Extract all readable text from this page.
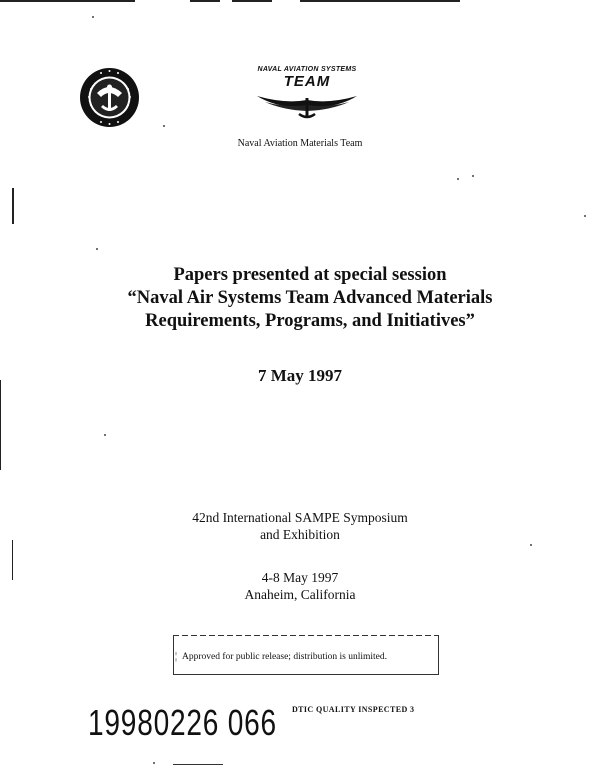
NAVAL AVIATION SYSTEMS
TEAM
Naval Aviation Materials Team
Papers presented at special session
“Naval Air Systems Team Advanced Materials
Requirements, Programs, and Initiatives”
7 May 1997
42nd International SAMPE Symposium
and Exhibition
4-8 May 1997
Anaheim, California
¦ Approved for public release; distribution is unlimited.
19980226 066 DTIC QUALITY INSPECTED 3
